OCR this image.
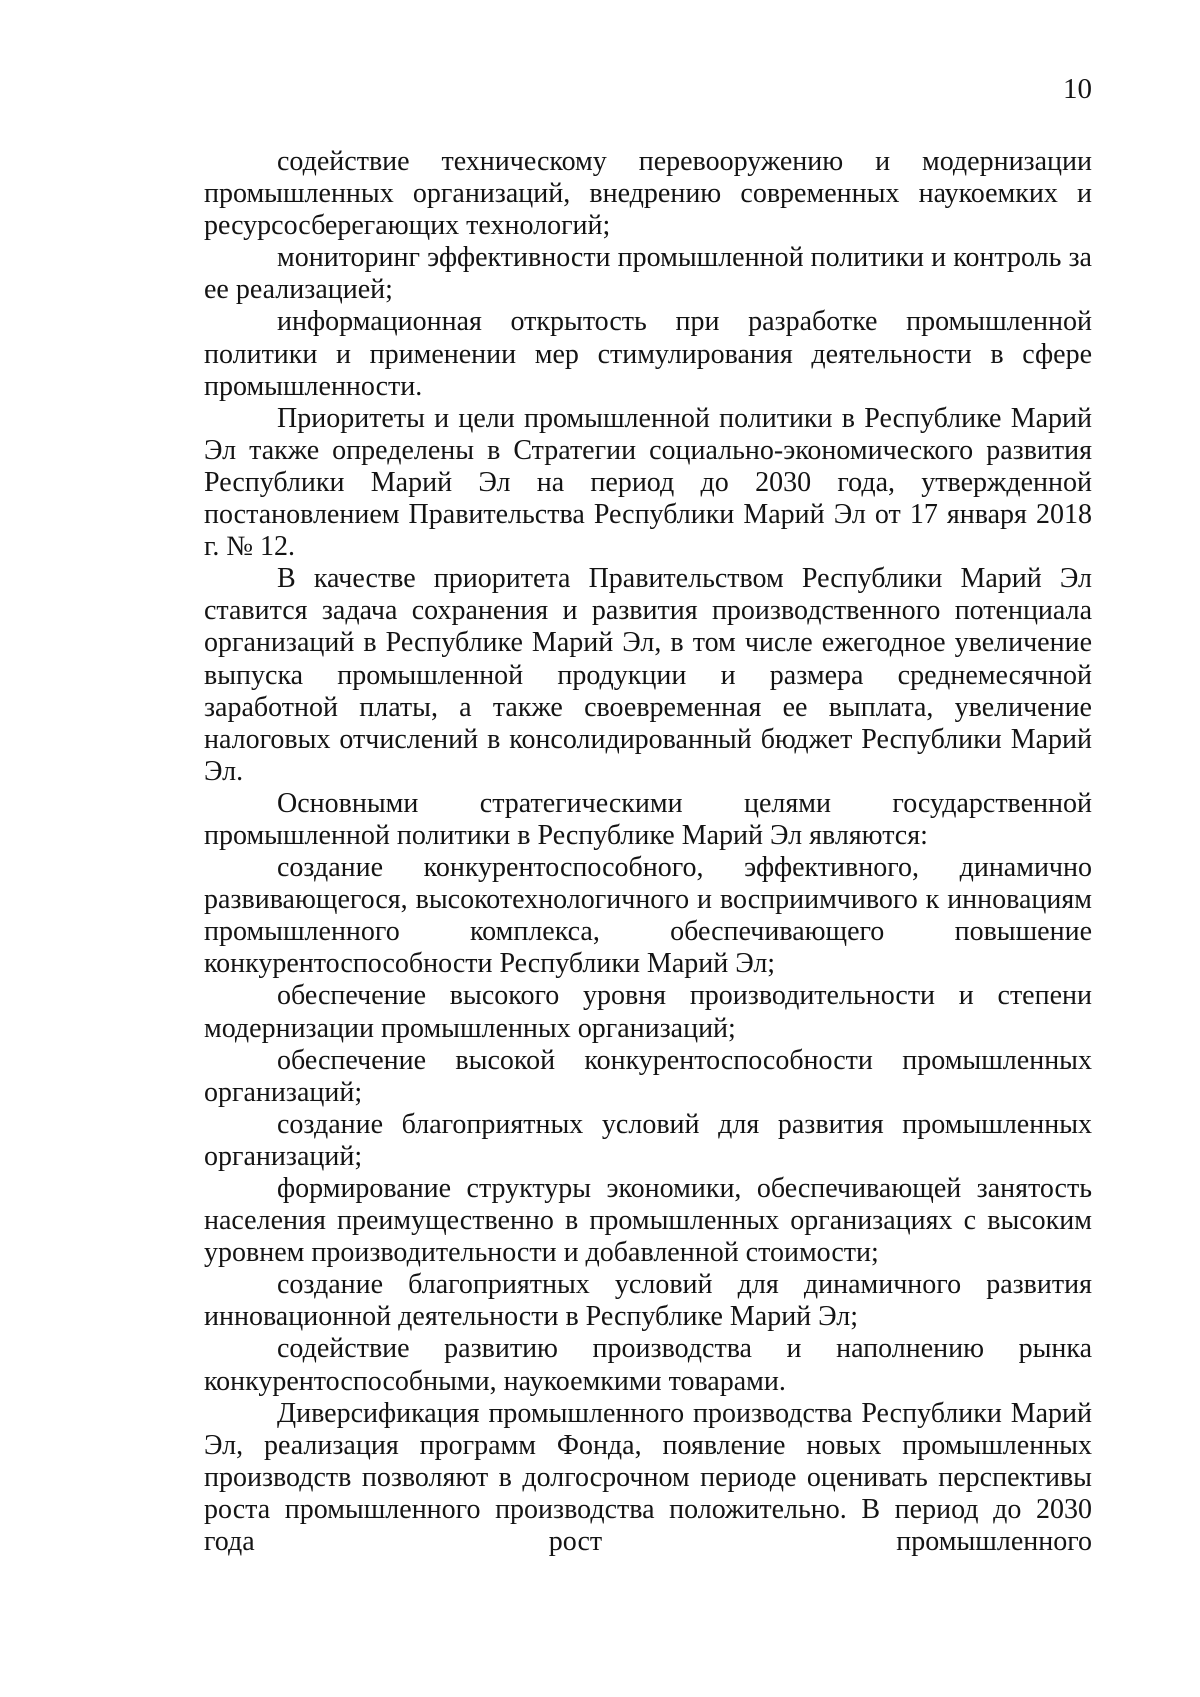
10

содействие техническому перевооружению и модернизации промышленных организаций, внедрению современных наукоемких и ресурсосберегающих технологий;

мониторинг эффективности промышленной политики и контроль за ее реализацией;

информационная открытость при разработке промышленной политики и применении мер стимулирования деятельности в сфере промышленности.

Приоритеты и цели промышленной политики в Республике Марий Эл также определены в Стратегии социально-экономического развития Республики Марий Эл на период до 2030 года, утвержденной постановлением Правительства Республики Марий Эл от 17 января 2018 г. № 12.

В качестве приоритета Правительством Республики Марий Эл ставится задача сохранения и развития производственного потенциала организаций в Республике Марий Эл, в том числе ежегодное увеличение выпуска промышленной продукции и размера среднемесячной заработной платы, а также своевременная ее выплата, увеличение налоговых отчислений в консолидированный бюджет Республики Марий Эл.

Основными стратегическими целями государственной промышленной политики в Республике Марий Эл являются:

создание конкурентоспособного, эффективного, динамично развивающегося, высокотехнологичного и восприимчивого к инновациям промышленного комплекса, обеспечивающего повышение конкурентоспособности Республики Марий Эл;

обеспечение высокого уровня производительности и степени модернизации промышленных организаций;

обеспечение высокой конкурентоспособности промышленных организаций;

создание благоприятных условий для развития промышленных организаций;

формирование структуры экономики, обеспечивающей занятость населения преимущественно в промышленных организациях с высоким уровнем производительности и добавленной стоимости;

создание благоприятных условий для динамичного развития инновационной деятельности в Республике Марий Эл;

содействие развитию производства и наполнению рынка конкурентоспособными, наукоемкими товарами.

Диверсификация промышленного производства Республики Марий Эл, реализация программ Фонда, появление новых промышленных производств позволяют в долгосрочном периоде оценивать перспективы роста промышленного производства положительно. В период до 2030 года рост промышленного
